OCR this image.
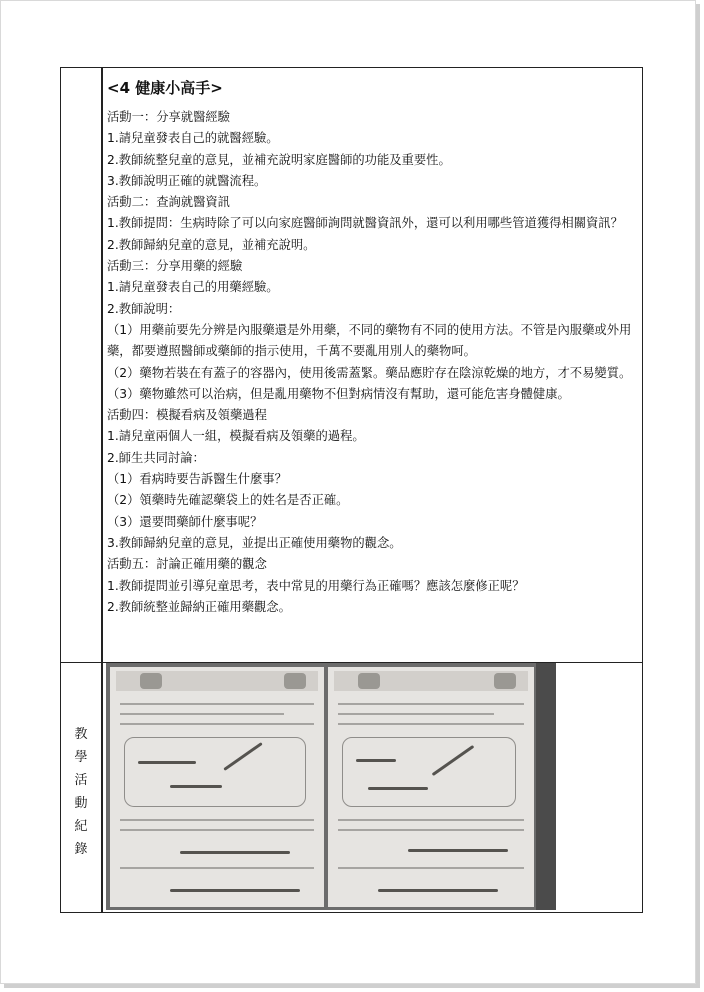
<4 健康小高手>
活動一：分享就醫經驗
1.請兒童發表自己的就醫經驗。
2.教師統整兒童的意見，並補充說明家庭醫師的功能及重要性。
3.教師說明正確的就醫流程。
活動二：查詢就醫資訊
1.教師提問：生病時除了可以向家庭醫師詢問就醫資訊外，還可以利用哪些管道獲得相關資訊？
2.教師歸納兒童的意見，並補充說明。
活動三：分享用藥的經驗
1.請兒童發表自己的用藥經驗。
2.教師說明：
（1）用藥前要先分辨是內服藥還是外用藥，不同的藥物有不同的使用方法。不管是內服藥或外用藥，都要遵照醫師或藥師的指示使用，千萬不要亂用別人的藥物呵。
（2）藥物若裝在有蓋子的容器內，使用後需蓋緊。藥品應貯存在陰涼乾燥的地方，才不易變質。
（3）藥物雖然可以治病，但是亂用藥物不但對病情沒有幫助，還可能危害身體健康。
活動四：模擬看病及領藥過程
1.請兒童兩個人一組，模擬看病及領藥的過程。
2.師生共同討論：
（1）看病時要告訴醫生什麼事？
（2）領藥時先確認藥袋上的姓名是否正確。
（3）還要問藥師什麼事呢？
3.教師歸納兒童的意見，並提出正確使用藥物的觀念。
活動五：討論正確用藥的觀念
1.教師提問並引導兒童思考，表中常見的用藥行為正確嗎？應該怎麼修正呢？
2.教師統整並歸納正確用藥觀念。
教
學
活
動
紀
錄
